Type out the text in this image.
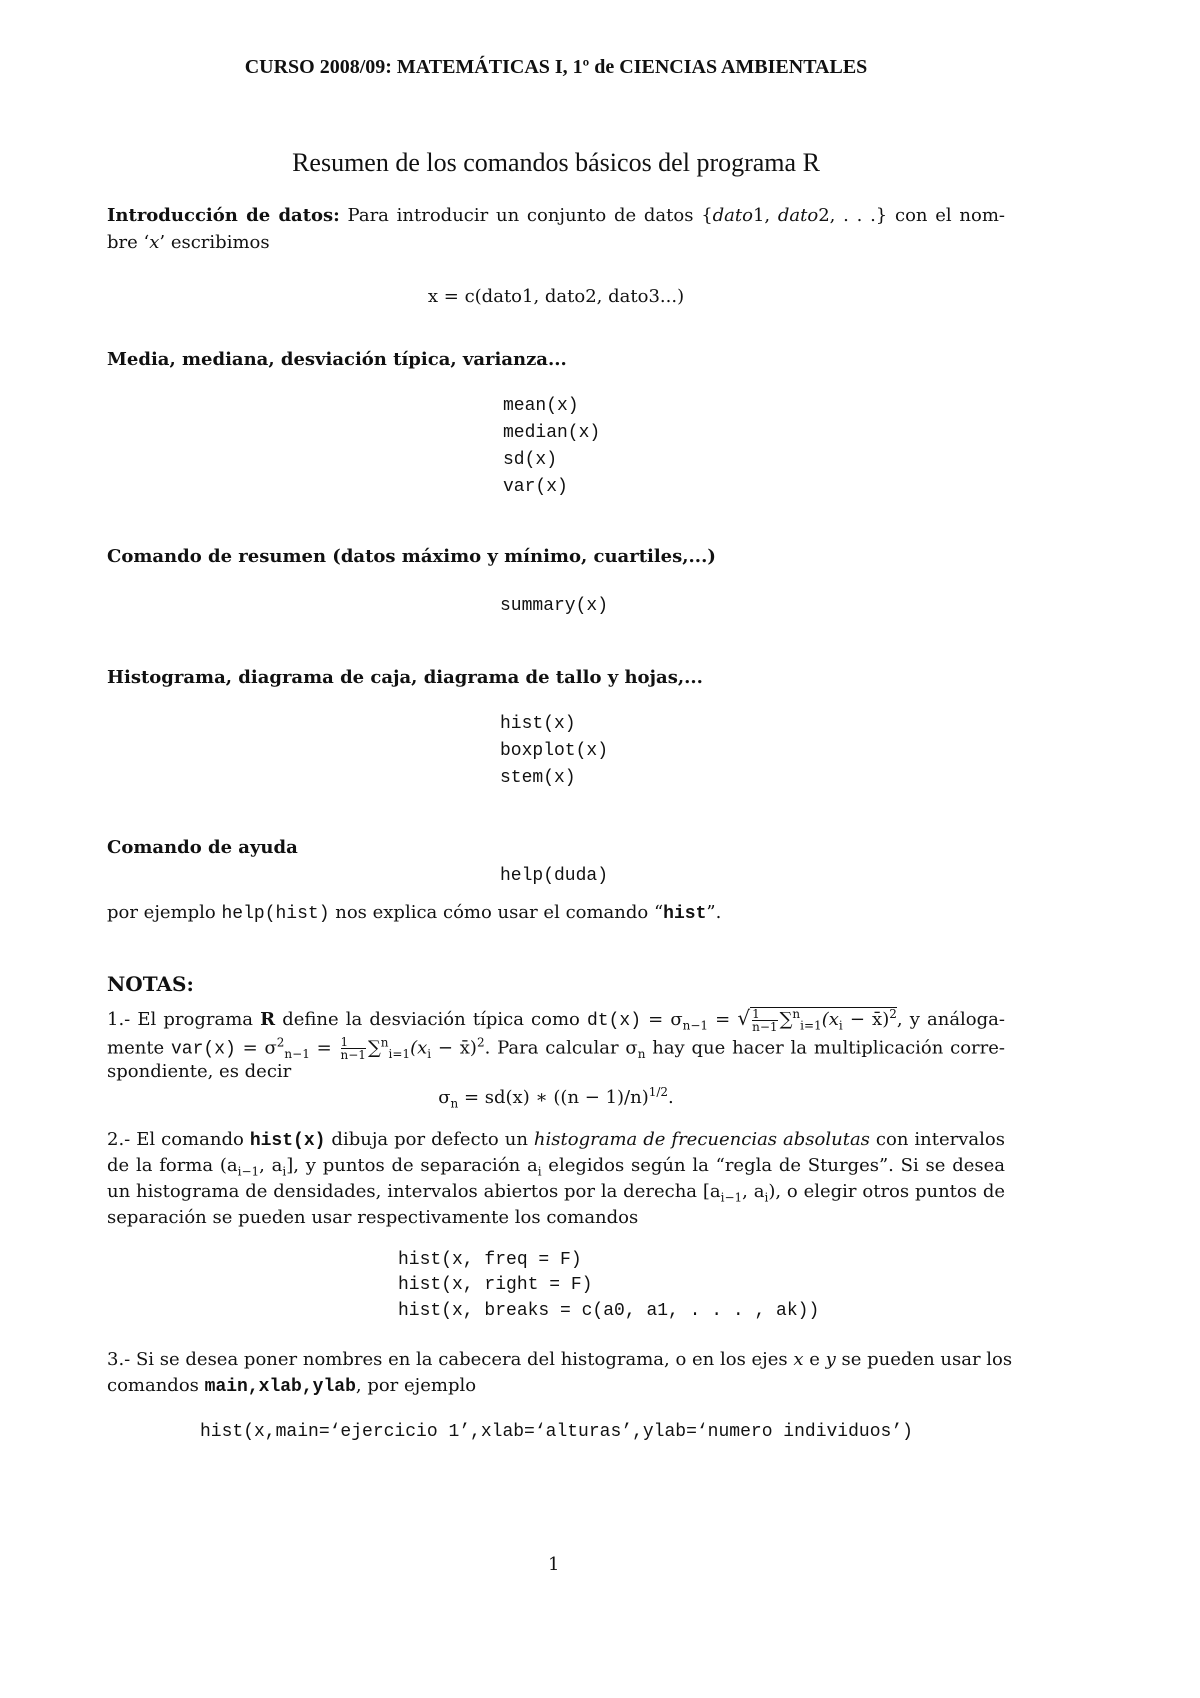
CURSO 2008/09: MATEMÁTICAS I, 1º de CIENCIAS AMBIENTALES
Resumen de los comandos básicos del programa R
Introducción de datos: Para introducir un conjunto de datos {dato1, dato2, . . .} con el nom-
bre ‘x’ escribimos
x = c(dato1, dato2, dato3...)
Media, mediana, desviación típica, varianza...
mean(x)
median(x)
sd(x)
var(x)
Comando de resumen (datos máximo y mínimo, cuartiles,...)
summary(x)
Histograma, diagrama de caja, diagrama de tallo y hojas,...
hist(x)
boxplot(x)
stem(x)
Comando de ayuda
help(duda)
por ejemplo help(hist) nos explica cómo usar el comando “hist”.
NOTAS:
1.- El programa R define la desviación típica como $dt(x) = \sigma_{n-1}$ = √ $\frac{1}{n-1} \sum^n_{i=1}(x_i$ − x̄)$^2$, y análoga-
mente $var(x) = \sigma^2_{n-1} = \frac{1}{n-1} \sum^n_{i=1}(x_i$ − x̄)$^2$. Para calcular $\sigma_n$ hay que hacer la multiplicación corre-
spondiente, es decir
$\sigma_n = sd(x)$ ∗ $((n - 1)/n)^{1/2}$.
2.- El comando hist(x) dibuja por defecto un histograma de frecuencias absolutas con intervalos
de la forma ($a_{i-1}$, $a_i$], y puntos de separación $a_i$ elegidos según la “regla de Sturges”. Si se desea
un histograma de densidades, intervalos abiertos por la derecha [$a_{i-1}$, $a_i$), o elegir otros puntos de
separación se pueden usar respectivamente los comandos
hist(x, freq = F)
hist(x, right = F)
hist(x, breaks = c(a0, a1, . . . , ak))
3.- Si se desea poner nombres en la cabecera del histograma, o en los ejes x e y se pueden usar los
comandos main,xlab,ylab, por ejemplo
hist(x,main=‘ejercicio 1’,xlab=‘alturas’,ylab=‘numero individuos’)
1
